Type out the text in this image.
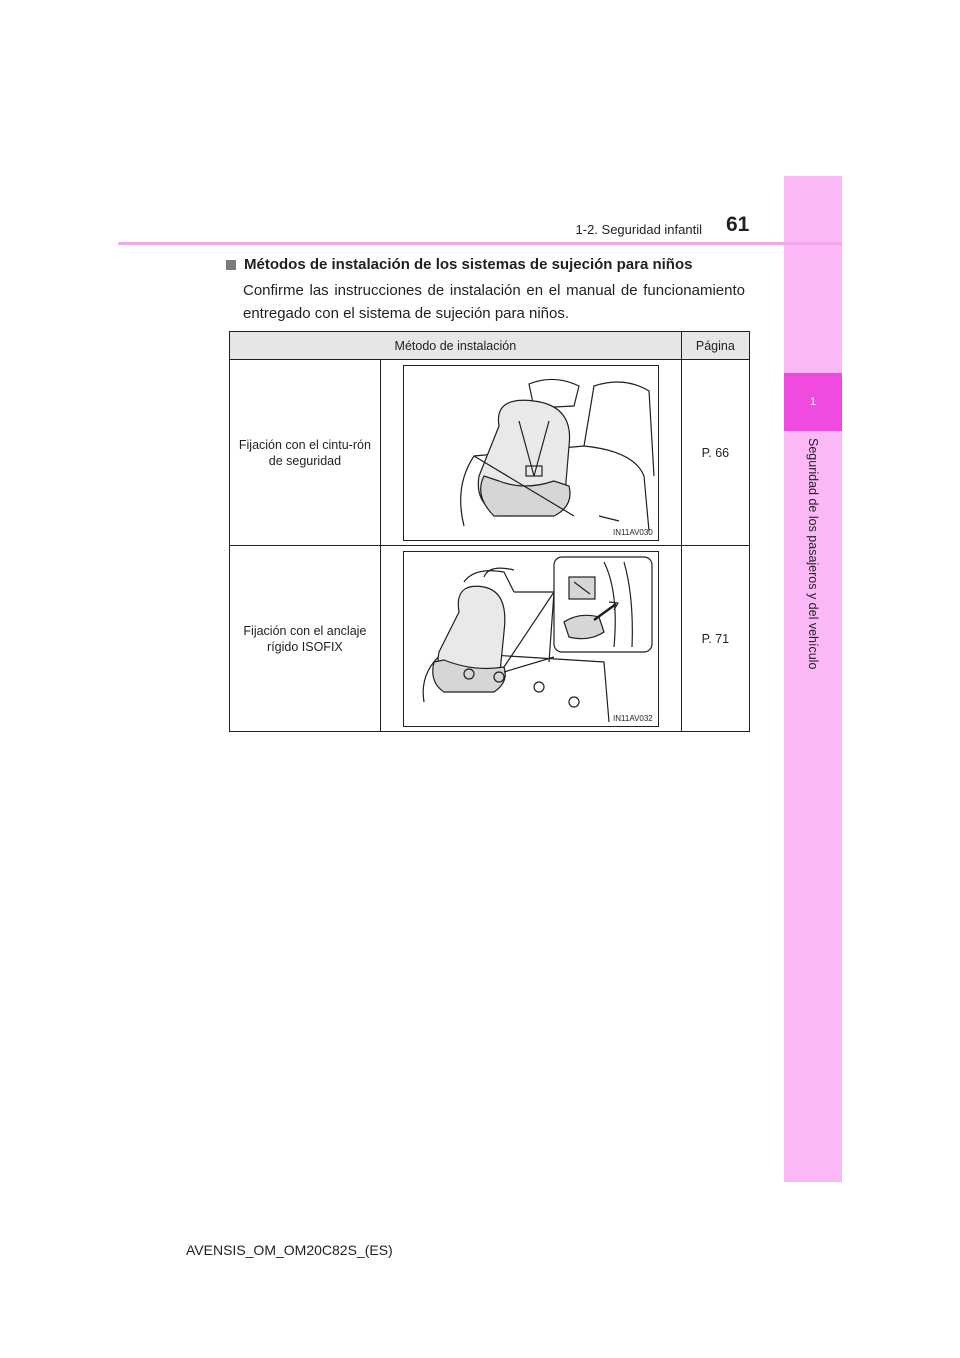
1
Seguridad de los pasajeros y del vehículo
1-2. Seguridad infantil 61
Métodos de instalación de los sistemas de sujeción para niños
Confirme las instrucciones de instalación en el manual de funcionamiento entregado con el sistema de sujeción para niños.
Método de instalación		Página
Fijación con el cintu-rón de seguridad	IN11AV030	P. 66
Fijación con el anclaje rígido ISOFIX	IN11AV032	P. 71
AVENSIS_OM_OM20C82S_(ES)
